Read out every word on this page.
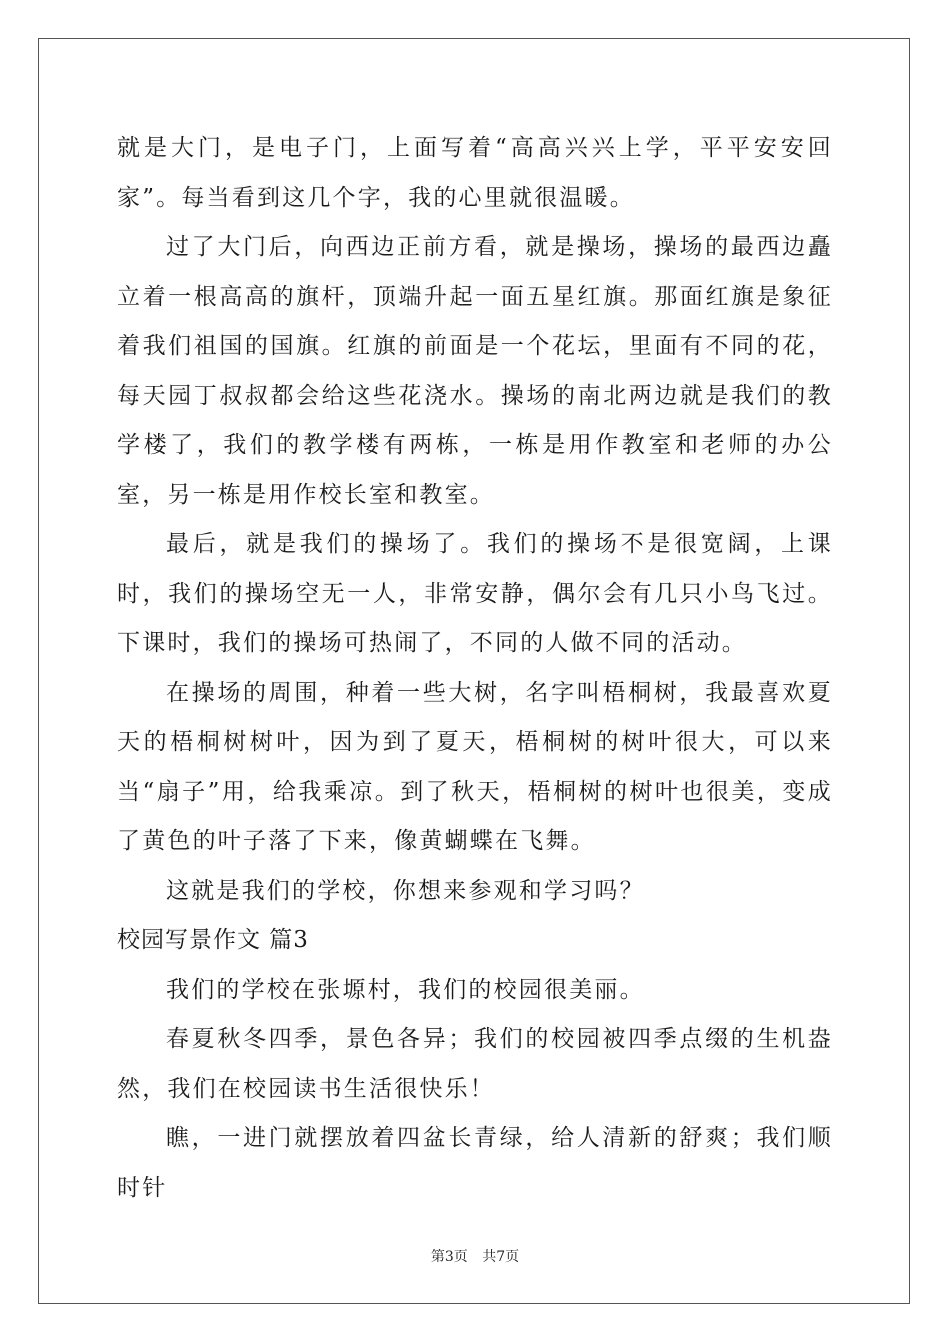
就是大门，是电子门，上面写着“高高兴兴上学，平平安安回家”。每当看到这几个字，我的心里就很温暖。

过了大门后，向西边正前方看，就是操场，操场的最西边矗立着一根高高的旗杆，顶端升起一面五星红旗。那面红旗是象征着我们祖国的国旗。红旗的前面是一个花坛，里面有不同的花，每天园丁叔叔都会给这些花浇水。操场的南北两边就是我们的教学楼了，我们的教学楼有两栋，一栋是用作教室和老师的办公室，另一栋是用作校长室和教室。

最后，就是我们的操场了。我们的操场不是很宽阔，上课时，我们的操场空无一人，非常安静，偶尔会有几只小鸟飞过。下课时，我们的操场可热闹了，不同的人做不同的活动。

在操场的周围，种着一些大树，名字叫梧桐树，我最喜欢夏天的梧桐树树叶，因为到了夏天，梧桐树的树叶很大，可以来当“扇子”用，给我乘凉。到了秋天，梧桐树的树叶也很美，变成了黄色的叶子落了下来，像黄蝴蝶在飞舞。

这就是我们的学校，你想来参观和学习吗？

校园写景作文 篇3

我们的学校在张塬村，我们的校园很美丽。

春夏秋冬四季，景色各异；我们的校园被四季点缀的生机盎然，我们在校园读书生活很快乐！

瞧，一进门就摆放着四盆长青绿，给人清新的舒爽；我们顺时针

第3页 共7页
